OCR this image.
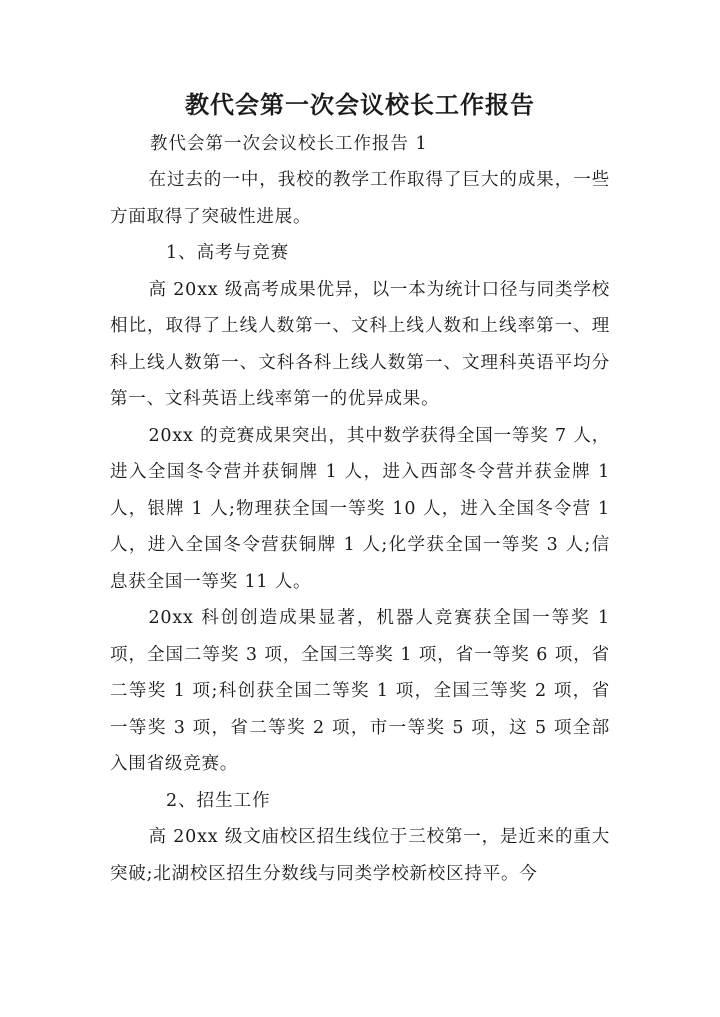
教代会第一次会议校长工作报告

教代会第一次会议校长工作报告 1

在过去的一中，我校的教学工作取得了巨大的成果，一些方面取得了突破性进展。

1、高考与竞赛

高 20xx 级高考成果优异，以一本为统计口径与同类学校相比，取得了上线人数第一、文科上线人数和上线率第一、理科上线人数第一、文科各科上线人数第一、文理科英语平均分第一、文科英语上线率第一的优异成果。

20xx 的竞赛成果突出，其中数学获得全国一等奖 7 人，进入全国冬令营并获铜牌 1 人，进入西部冬令营并获金牌 1 人，银牌 1 人;物理获全国一等奖 10 人，进入全国冬令营 1 人，进入全国冬令营获铜牌 1 人;化学获全国一等奖 3 人;信息获全国一等奖 11 人。

20xx 科创创造成果显著，机器人竞赛获全国一等奖 1 项，全国二等奖 3 项，全国三等奖 1 项，省一等奖 6 项，省二等奖 1 项;科创获全国二等奖 1 项，全国三等奖 2 项，省一等奖 3 项，省二等奖 2 项，市一等奖 5 项，这 5 项全部入围省级竞赛。

2、招生工作

高 20xx 级文庙校区招生线位于三校第一，是近来的重大突破;北湖校区招生分数线与同类学校新校区持平。今
